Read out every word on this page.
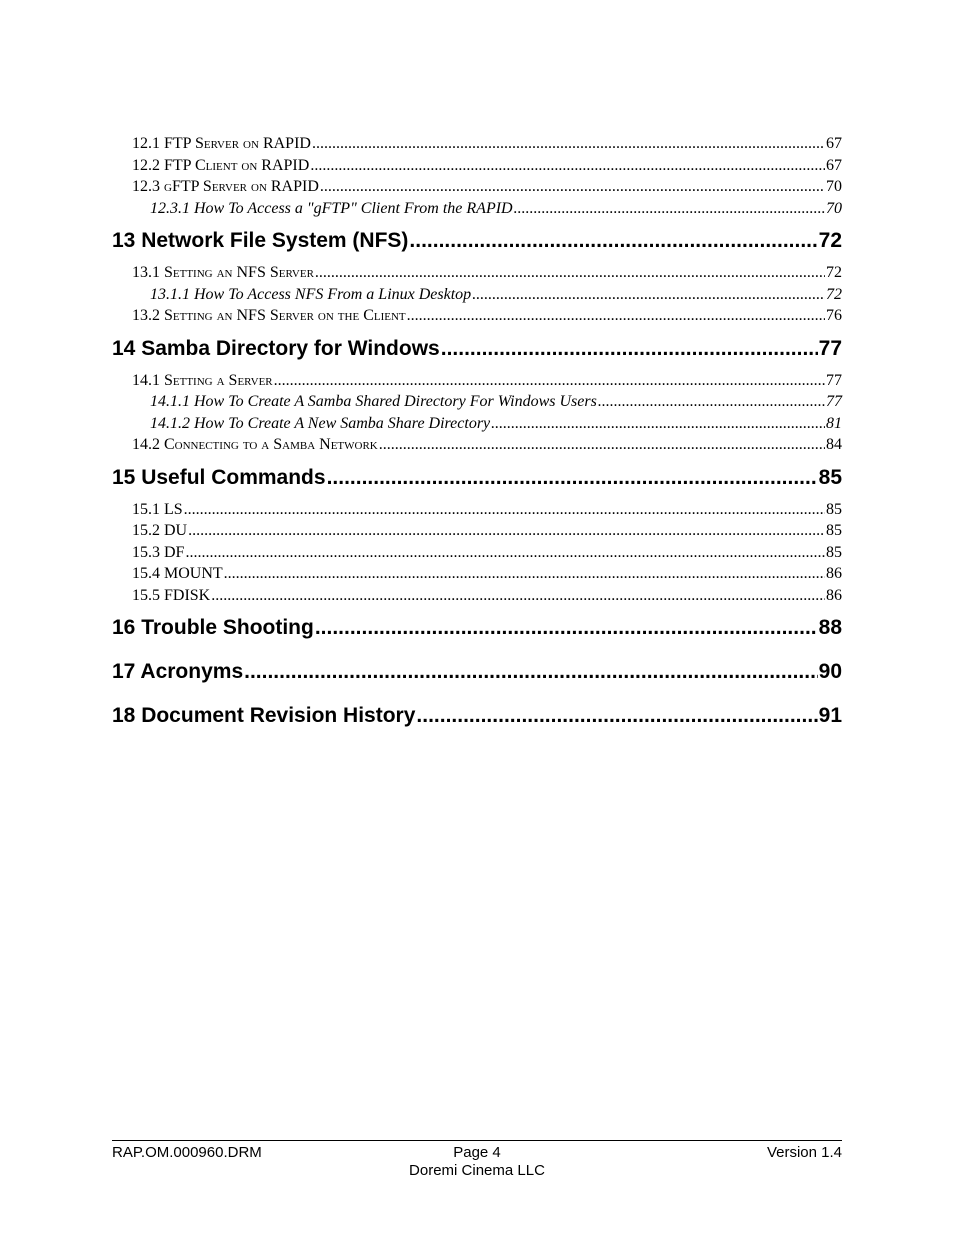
12.1 FTP Server on RAPID .....	67
12.2 FTP Client on RAPID .....	67
12.3 gFTP Server on RAPID .....	70
12.3.1 How To Access a "gFTP" Client From the RAPID .....	70
13 Network File System (NFS) .....	72
13.1 Setting an NFS Server .....	72
13.1.1 How To Access NFS From a Linux Desktop .....	72
13.2 Setting an NFS Server on the Client .....	76
14 Samba Directory for Windows .....	77
14.1 Setting a Server .....	77
14.1.1 How To Create A Samba Shared Directory For Windows Users .....	77
14.1.2 How To Create A New Samba Share Directory .....	81
14.2 Connecting to a Samba Network .....	84
15 Useful Commands .....	85
15.1 LS .....	85
15.2 DU .....	85
15.3 DF .....	85
15.4 MOUNT .....	86
15.5 FDISK .....	86
16 Trouble Shooting .....	88
17 Acronyms .....	90
18 Document Revision History .....	91
RAP.OM.000960.DRM	Page 4
Doremi Cinema LLC
Version 1.4
